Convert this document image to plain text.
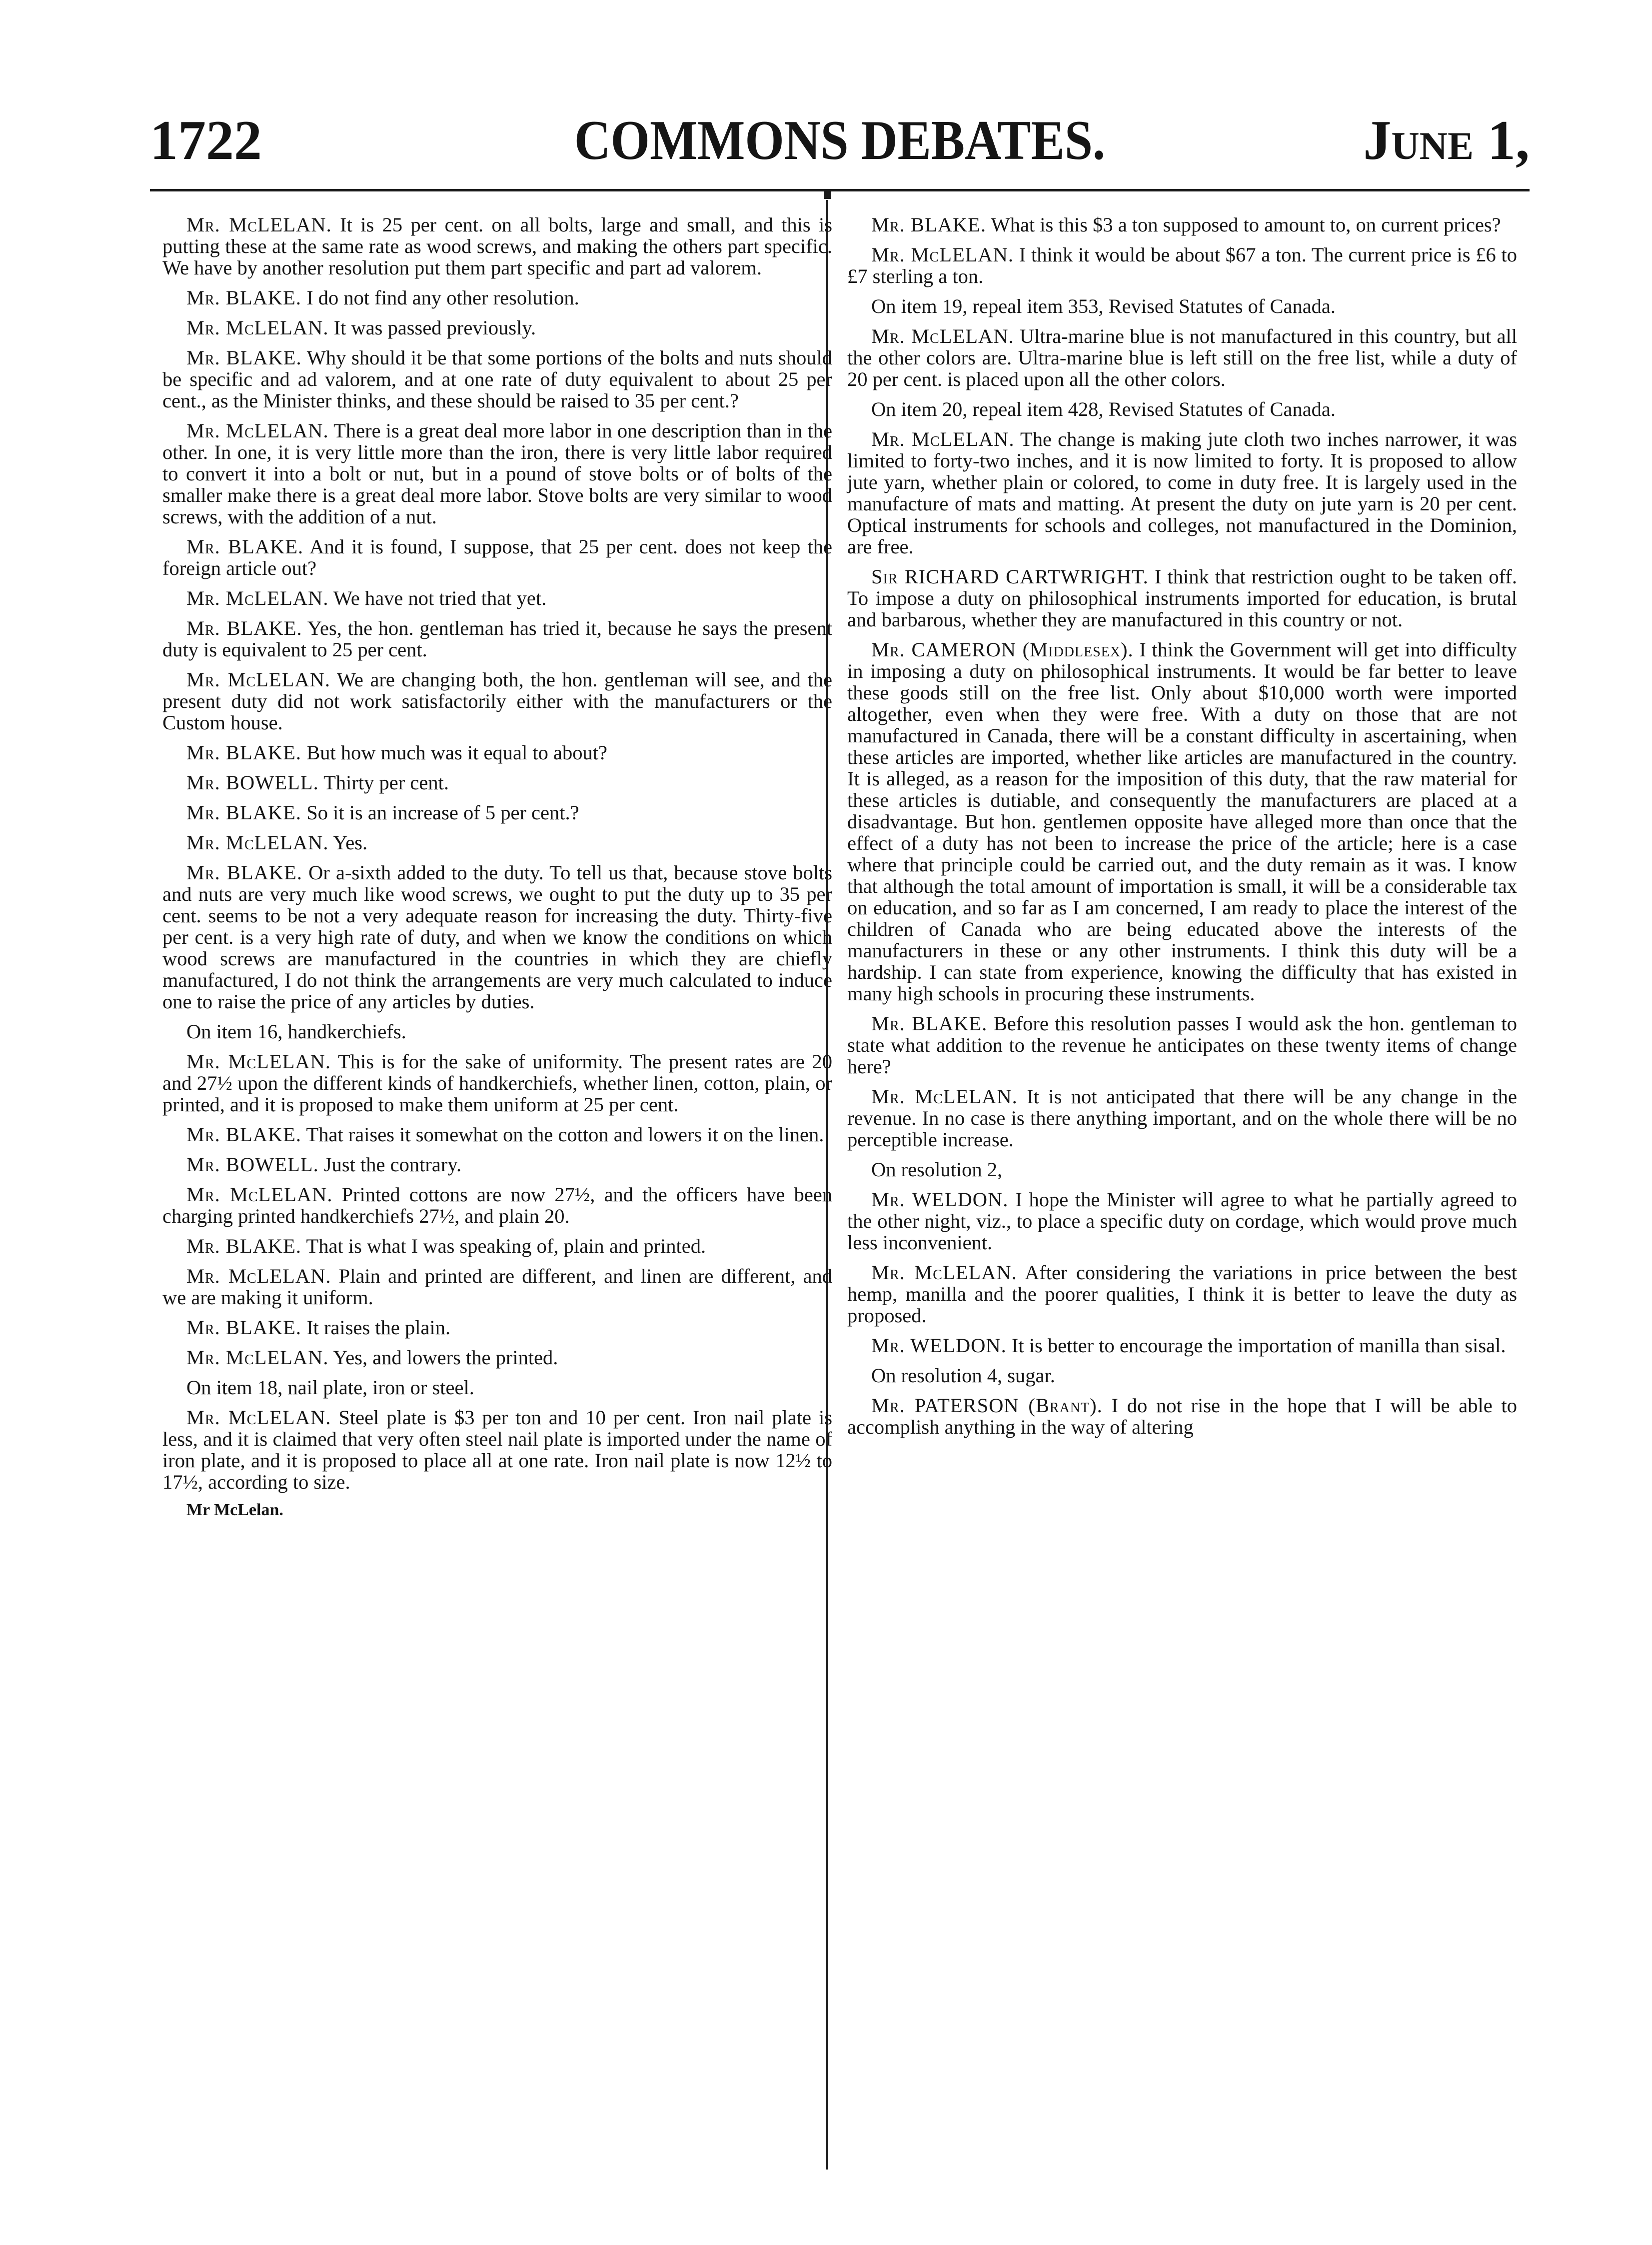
1722	COMMONS DEBATES.	June 1,

Mr. McLELAN. It is 25 per cent. on all bolts, large and small, and this is putting these at the same rate as wood screws, and making the others part specific. We have by another resolution put them part specific and part ad valorem.

Mr. BLAKE. I do not find any other resolution.

Mr. McLELAN. It was passed previously.

Mr. BLAKE. Why should it be that some portions of the bolts and nuts should be specific and ad valorem, and at one rate of duty equivalent to about 25 per cent., as the Minister thinks, and these should be raised to 35 per cent.?

Mr. McLELAN. There is a great deal more labor in one description than in the other. In one, it is very little more than the iron, there is very little labor required to convert it into a bolt or nut, but in a pound of stove bolts or of bolts of the smaller make there is a great deal more labor. Stove bolts are very similar to wood screws, with the addition of a nut.

Mr. BLAKE. And it is found, I suppose, that 25 per cent. does not keep the foreign article out?

Mr. McLELAN. We have not tried that yet.

Mr. BLAKE. Yes, the hon. gentleman has tried it, because he says the present duty is equivalent to 25 per cent.

Mr. McLELAN. We are changing both, the hon. gentleman will see, and the present duty did not work satisfactorily either with the manufacturers or the Custom house.

Mr. BLAKE. But how much was it equal to about?

Mr. BOWELL. Thirty per cent.

Mr. BLAKE. So it is an increase of 5 per cent.?

Mr. McLELAN. Yes.

Mr. BLAKE. Or a-sixth added to the duty. To tell us that, because stove bolts and nuts are very much like wood screws, we ought to put the duty up to 35 per cent. seems to be not a very adequate reason for increasing the duty. Thirty-five per cent. is a very high rate of duty, and when we know the conditions on which wood screws are manufactured in the countries in which they are chiefly manufactured, I do not think the arrangements are very much calculated to induce one to raise the price of any articles by duties.

On item 16, handkerchiefs.

Mr. McLELAN. This is for the sake of uniformity. The present rates are 20 and 27½ upon the different kinds of handkerchiefs, whether linen, cotton, plain, or printed, and it is proposed to make them uniform at 25 per cent.

Mr. BLAKE. That raises it somewhat on the cotton and lowers it on the linen.

Mr. BOWELL. Just the contrary.

Mr. McLELAN. Printed cottons are now 27½, and the officers have been charging printed handkerchiefs 27½, and plain 20.

Mr. BLAKE. That is what I was speaking of, plain and printed.

Mr. McLELAN. Plain and printed are different, and linen are different, and we are making it uniform.

Mr. BLAKE. It raises the plain.

Mr. McLELAN. Yes, and lowers the printed.

On item 18, nail plate, iron or steel.

Mr. McLELAN. Steel plate is $3 per ton and 10 per cent. Iron nail plate is less, and it is claimed that very often steel nail plate is imported under the name of iron plate, and it is proposed to place all at one rate. Iron nail plate is now 12½ to 17½, according to size.

Mr McLelan.

Mr. BLAKE. What is this $3 a ton supposed to amount to, on current prices?

Mr. McLELAN. I think it would be about $67 a ton. The current price is £6 to £7 sterling a ton.

On item 19, repeal item 353, Revised Statutes of Canada.

Mr. McLELAN. Ultra-marine blue is not manufactured in this country, but all the other colors are. Ultra-marine blue is left still on the free list, while a duty of 20 per cent. is placed upon all the other colors.

On item 20, repeal item 428, Revised Statutes of Canada.

Mr. McLELAN. The change is making jute cloth two inches narrower, it was limited to forty-two inches, and it is now limited to forty. It is proposed to allow jute yarn, whether plain or colored, to come in duty free. It is largely used in the manufacture of mats and matting. At present the duty on jute yarn is 20 per cent. Optical instruments for schools and colleges, not manufactured in the Dominion, are free.

Sir RICHARD CARTWRIGHT. I think that restriction ought to be taken off. To impose a duty on philosophical instruments imported for education, is brutal and barbarous, whether they are manufactured in this country or not.

Mr. CAMERON (Middlesex). I think the Government will get into difficulty in imposing a duty on philosophical instruments. It would be far better to leave these goods still on the free list. Only about $10,000 worth were imported altogether, even when they were free. With a duty on those that are not manufactured in Canada, there will be a constant difficulty in ascertaining, when these articles are imported, whether like articles are manufactured in the country. It is alleged, as a reason for the imposition of this duty, that the raw material for these articles is dutiable, and consequently the manufacturers are placed at a disadvantage. But hon. gentlemen opposite have alleged more than once that the effect of a duty has not been to increase the price of the article; here is a case where that principle could be carried out, and the duty remain as it was. I know that although the total amount of importation is small, it will be a considerable tax on education, and so far as I am concerned, I am ready to place the interest of the children of Canada who are being educated above the interests of the manufacturers in these or any other instruments. I think this duty will be a hardship. I can state from experience, knowing the difficulty that has existed in many high schools in procuring these instruments.

Mr. BLAKE. Before this resolution passes I would ask the hon. gentleman to state what addition to the revenue he anticipates on these twenty items of change here?

Mr. McLELAN. It is not anticipated that there will be any change in the revenue. In no case is there anything important, and on the whole there will be no perceptible increase.

On resolution 2,

Mr. WELDON. I hope the Minister will agree to what he partially agreed to the other night, viz., to place a specific duty on cordage, which would prove much less inconvenient.

Mr. McLELAN. After considering the variations in price between the best hemp, manilla and the poorer qualities, I think it is better to leave the duty as proposed.

Mr. WELDON. It is better to encourage the importation of manilla than sisal.

On resolution 4, sugar.

Mr. PATERSON (Brant). I do not rise in the hope that I will be able to accomplish anything in the way of altering
